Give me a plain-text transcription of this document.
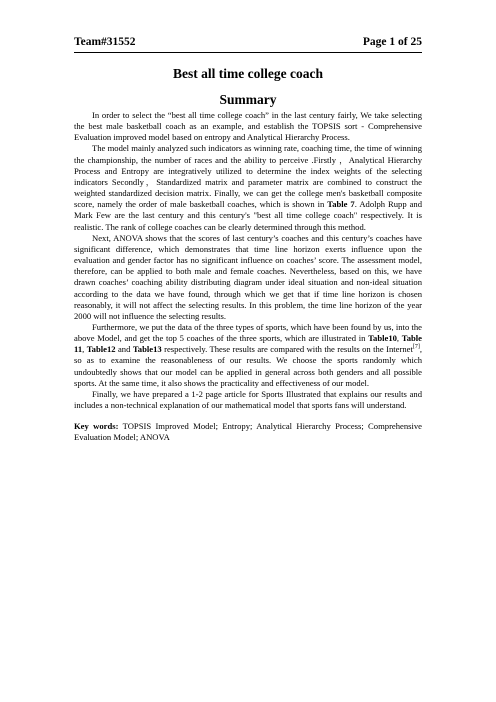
Team#31552	Page 1 of 25
Best all time college coach
Summary

In order to select the “best all time college coach” in the last century fairly, We take selecting the best male basketball coach as an example, and establish the TOPSIS sort - Comprehensive Evaluation improved model based on entropy and Analytical Hierarchy Process.

The model mainly analyzed such indicators as winning rate, coaching time, the time of winning the championship, the number of races and the ability to perceive .Firstly ，Analytical Hierarchy Process and Entropy are integratively utilized to determine the index weights of the selecting indicators Secondly，Standardized matrix and parameter matrix are combined to construct the weighted standardized decision matrix. Finally, we can get the college men's basketball composite score, namely the order of male basketball coaches, which is shown in Table 7. Adolph Rupp and Mark Few are the last century and this century's "best all time college coach" respectively. It is realistic. The rank of college coaches can be clearly determined through this method.

Next, ANOVA shows that the scores of last century’s coaches and this century’s coaches have significant difference, which demonstrates that time line horizon exerts influence upon the evaluation and gender factor has no significant influence on coaches’ score. The assessment model, therefore, can be applied to both male and female coaches. Nevertheless, based on this, we have drawn coaches’ coaching ability distributing diagram under ideal situation and non-ideal situation according to the data we have found, through which we get that if time line horizon is chosen reasonably, it will not affect the selecting results. In this problem, the time line horizon of the year 2000 will not influence the selecting results.

Furthermore, we put the data of the three types of sports, which have been found by us, into the above Model, and get the top 5 coaches of the three sports, which are illustrated in Table10, Table 11, Table12 and Table13 respectively. These results are compared with the results on the Internet[7], so as to examine the reasonableness of our results. We choose the sports randomly which undoubtedly shows that our model can be applied in general across both genders and all possible sports. At the same time, it also shows the practicality and effectiveness of our model.

Finally, we have prepared a 1-2 page article for Sports Illustrated that explains our results and includes a non-technical explanation of our mathematical model that sports fans will understand.

Key words: TOPSIS Improved Model; Entropy; Analytical Hierarchy Process; Comprehensive Evaluation Model; ANOVA
